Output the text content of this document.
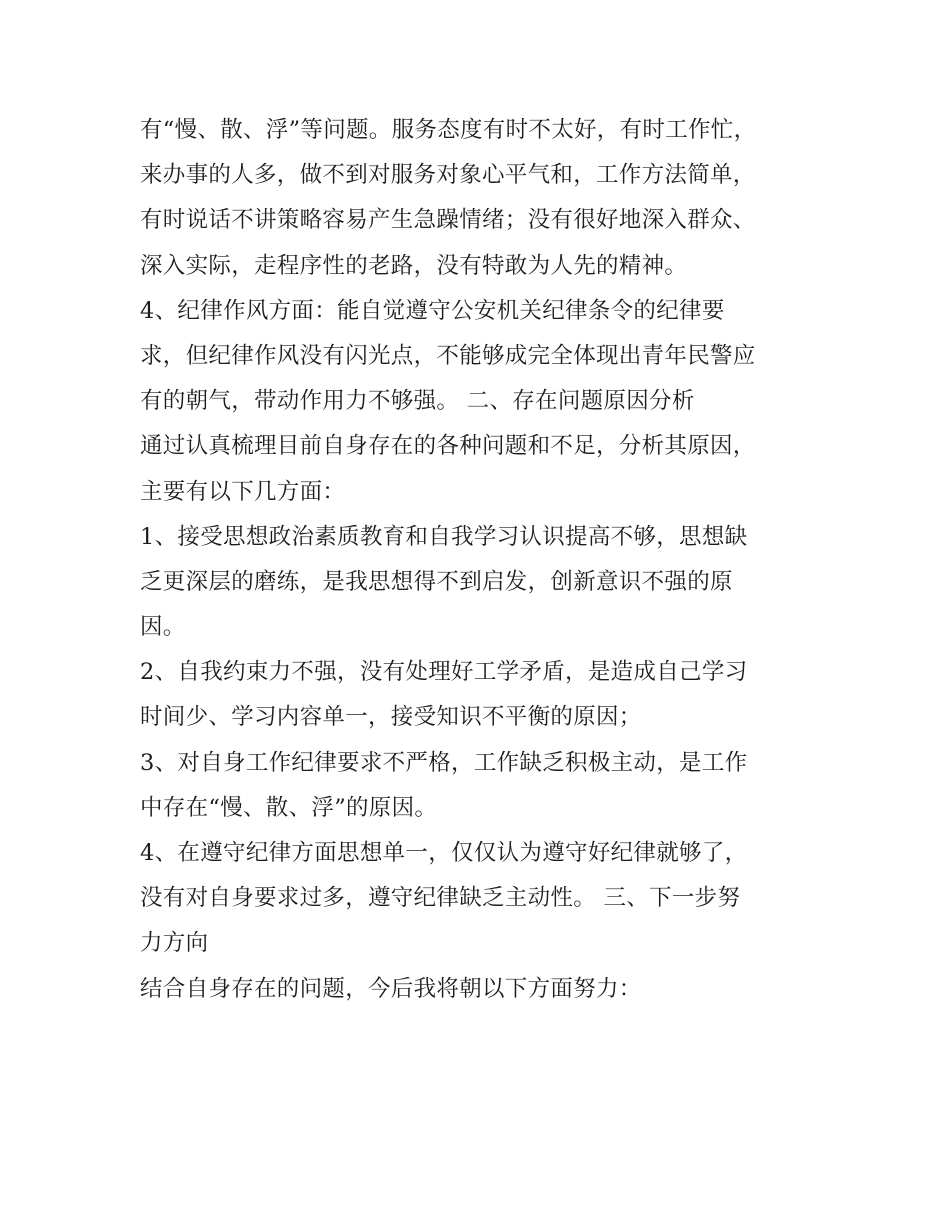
有“慢、散、浮”等问题。服务态度有时不太好，有时工作忙，
来办事的人多，做不到对服务对象心平气和，工作方法简单，
有时说话不讲策略容易产生急躁情绪；没有很好地深入群众、
深入实际，走程序性的老路，没有特敢为人先的精神。
4、纪律作风方面：能自觉遵守公安机关纪律条令的纪律要
求，但纪律作风没有闪光点，不能够成完全体现出青年民警应
有的朝气，带动作用力不够强。 二、存在问题原因分析
通过认真梳理目前自身存在的各种问题和不足，分析其原因，
主要有以下几方面：
1、接受思想政治素质教育和自我学习认识提高不够，思想缺
乏更深层的磨练，是我思想得不到启发，创新意识不强的原
因。
2、自我约束力不强，没有处理好工学矛盾，是造成自己学习
时间少、学习内容单一，接受知识不平衡的原因；
3、对自身工作纪律要求不严格，工作缺乏积极主动，是工作
中存在“慢、散、浮”的原因。
4、在遵守纪律方面思想单一，仅仅认为遵守好纪律就够了，
没有对自身要求过多，遵守纪律缺乏主动性。 三、下一步努
力方向
结合自身存在的问题，今后我将朝以下方面努力：
